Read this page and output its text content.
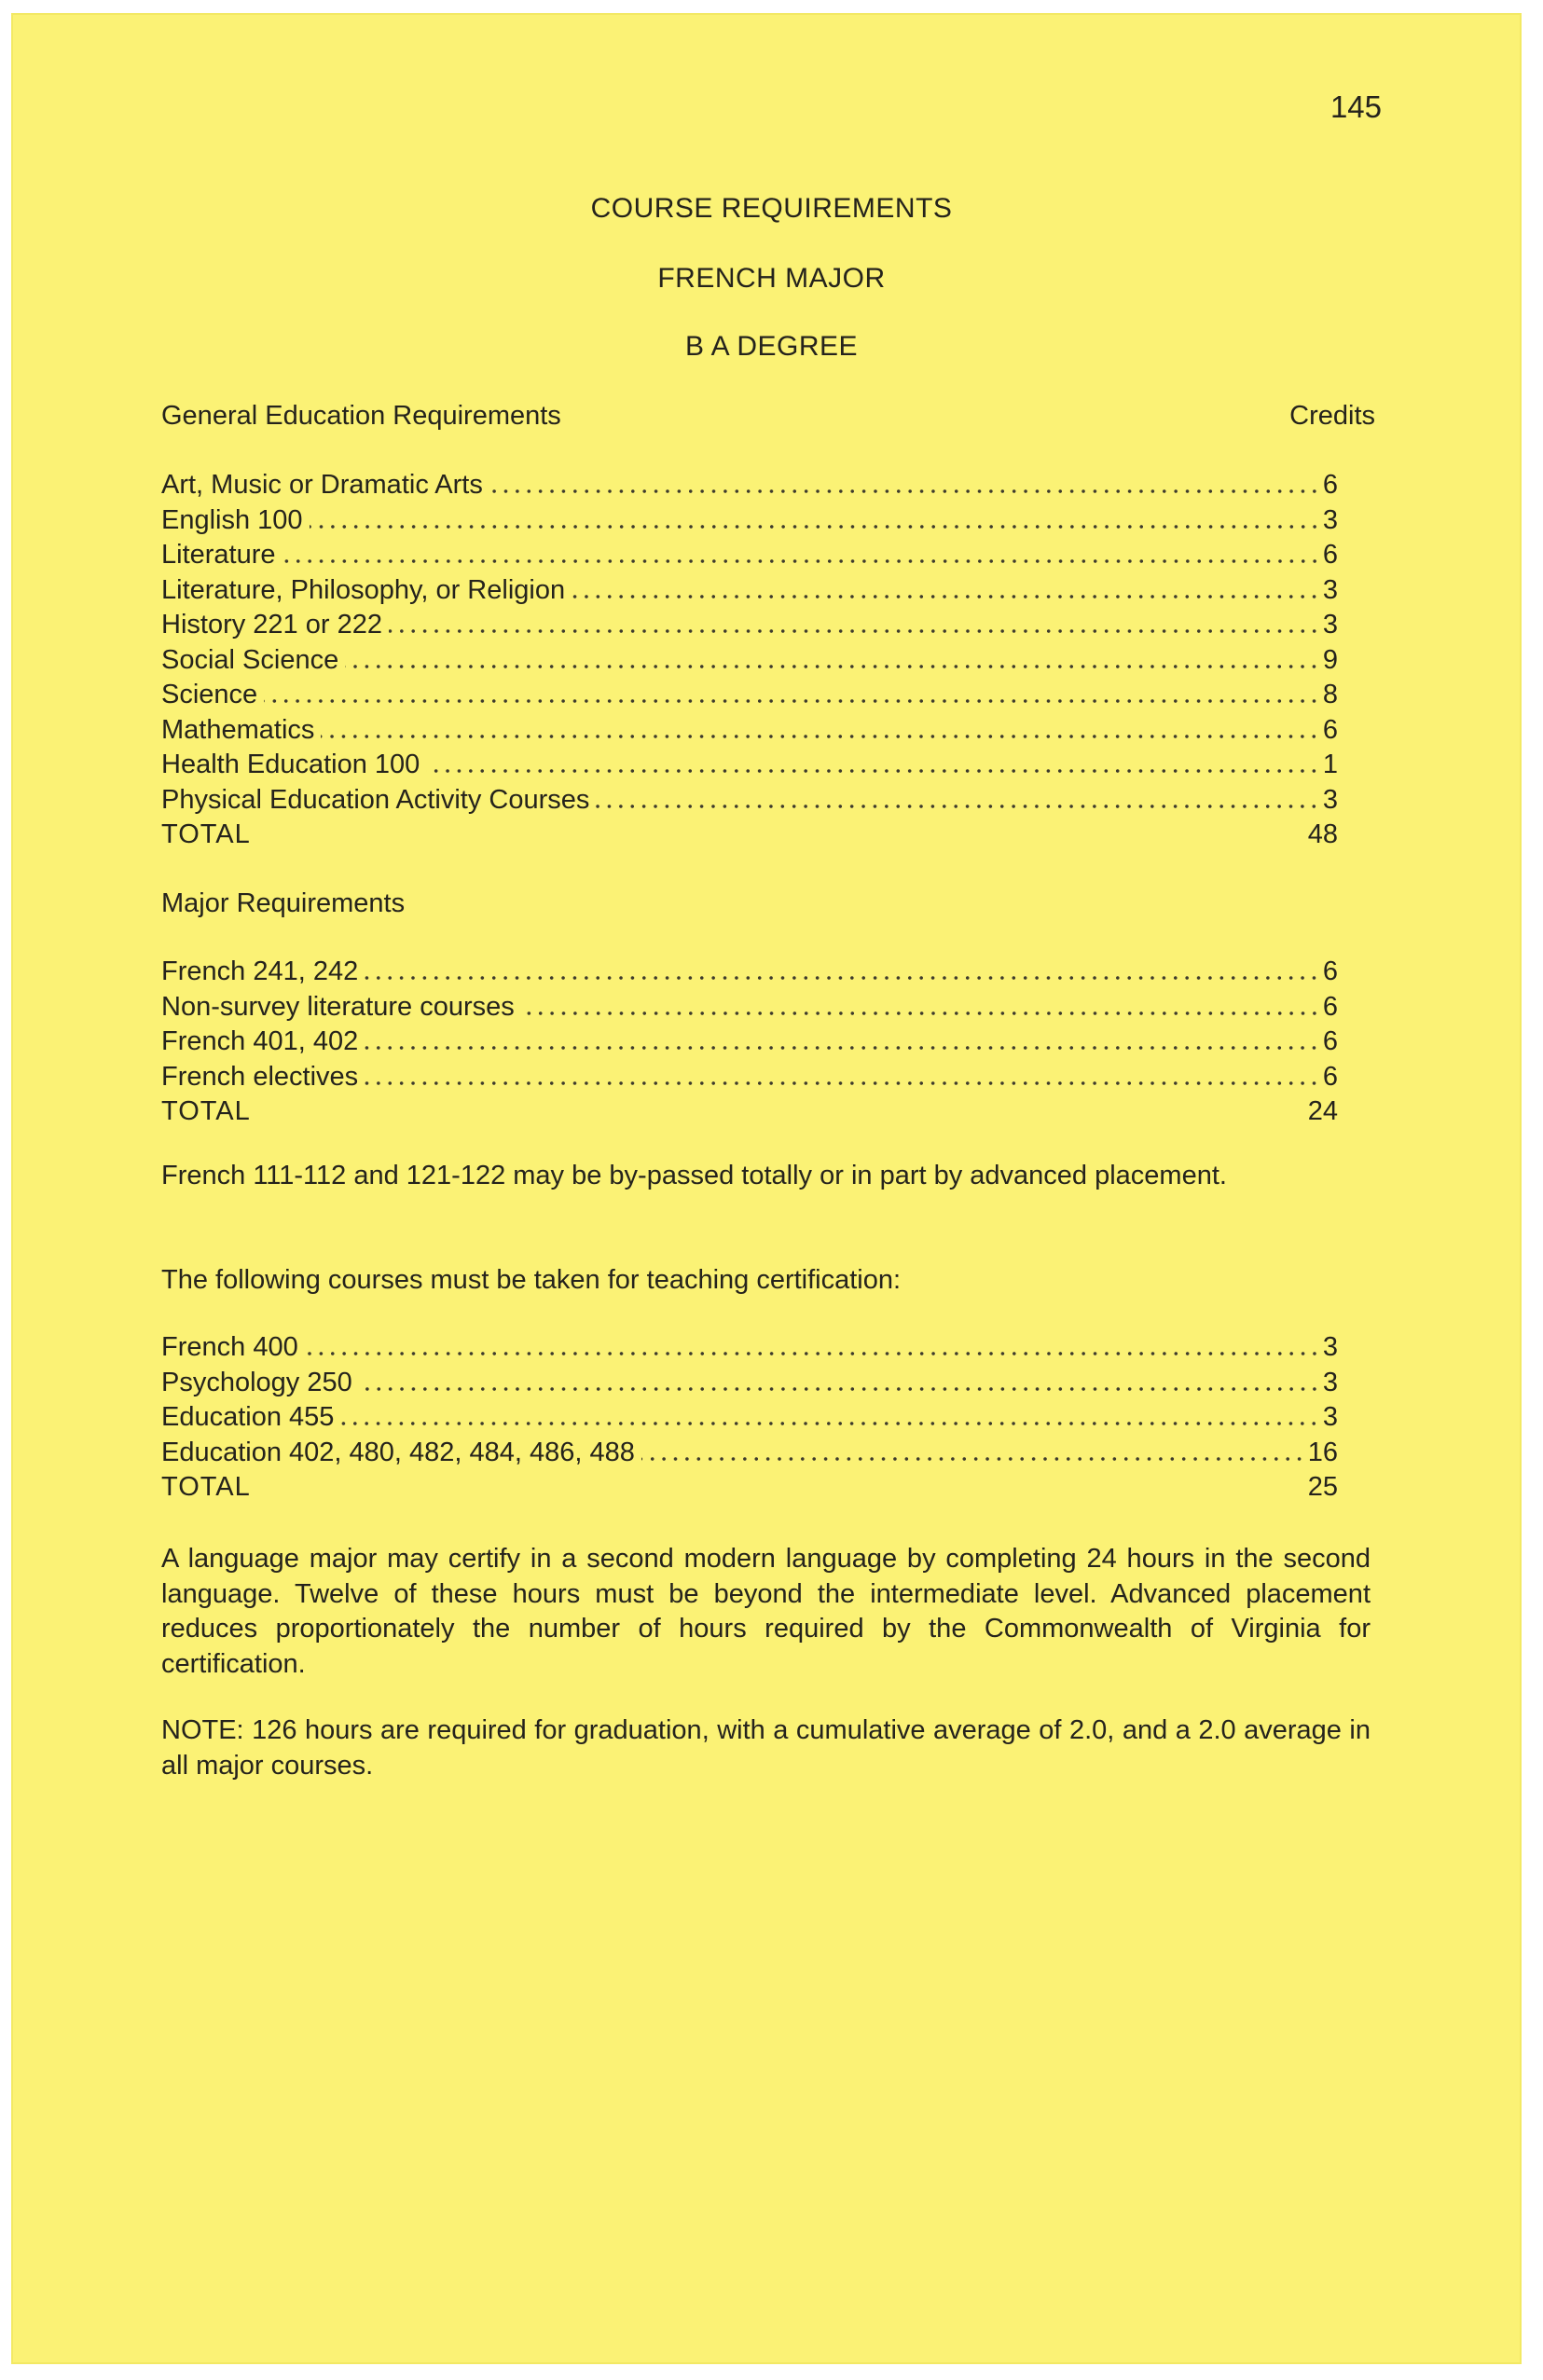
145
COURSE REQUIREMENTS
FRENCH MAJOR
B A DEGREE
General Education Requirements	Credits
Art, Music or Dramatic Arts	6
English 100	3
Literature	6
Literature, Philosophy, or Religion	3
History 221 or 222	3
Social Science	9
Science	8
Mathematics	6
Health Education 100	1
Physical Education Activity Courses	3
TOTAL	48
Major Requirements
French 241, 242	6
Non-survey literature courses	6
French 401, 402	6
French electives	6
TOTAL	24
French 111-112 and 121-122 may be by-passed totally or in part by advanced placement.
The following courses must be taken for teaching certification:
French 400	3
Psychology 250	3
Education 455	3
Education 402, 480, 482, 484, 486, 488	16
TOTAL	25
A language major may certify in a second modern language by completing 24 hours in the second language. Twelve of these hours must be beyond the intermediate level. Advanced placement reduces proportionately the number of hours required by the Commonwealth of Virginia for certification.
NOTE: 126 hours are required for graduation, with a cumulative average of 2.0, and a 2.0 average in all major courses.
